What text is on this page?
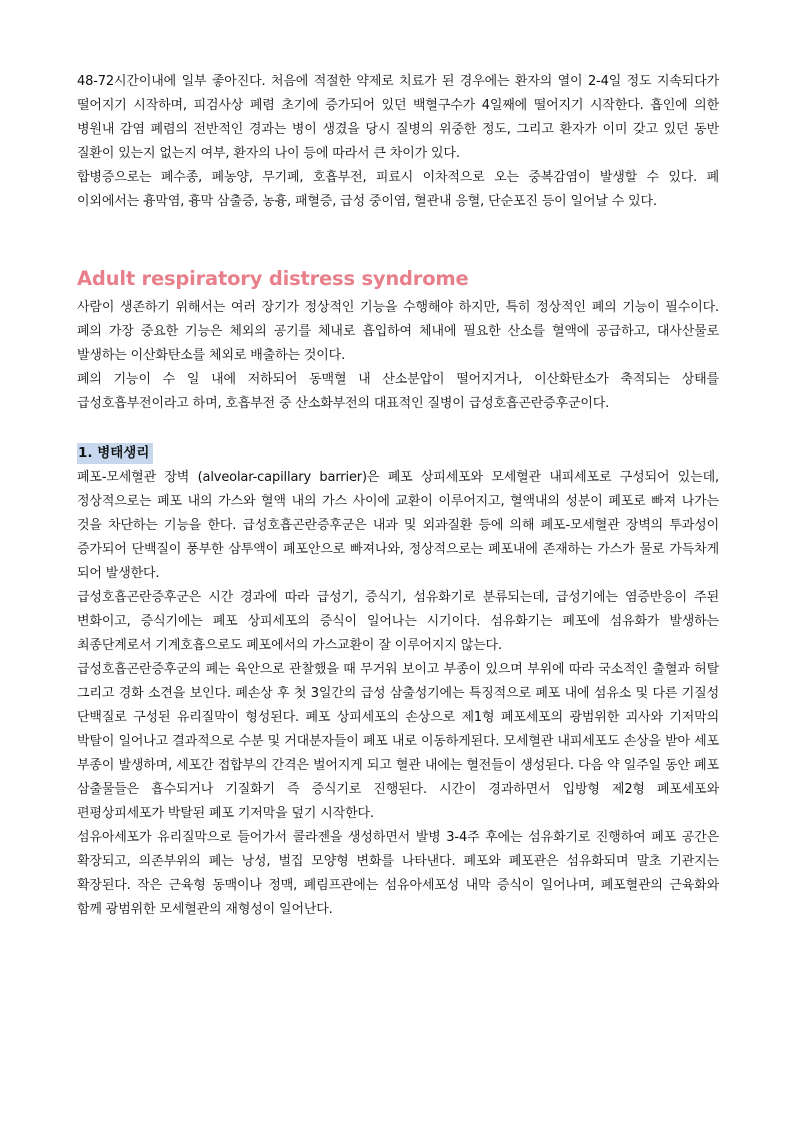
48-72시간이내에 일부 좋아진다. 처음에 적절한 약제로 치료가 된 경우에는 환자의 열이 2-4일 정도 지속되다가 떨어지기 시작하며, 피검사상 폐렴 초기에 증가되어 있던 백혈구수가 4일째에 떨어지기 시작한다. 흡인에 의한 병원내 감염 폐렴의 전반적인 경과는 병이 생겼을 당시 질병의 위중한 정도, 그리고 환자가 이미 갖고 있던 동반 질환이 있는지 없는지 여부, 환자의 나이 등에 따라서 큰 차이가 있다.

합병증으로는 폐수종, 폐농양, 무기폐, 호흡부전, 피료시 이차적으로 오는 중복감염이 발생할 수 있다. 폐 이외에서는 흉막염, 흉막 삼출증, 농흉, 패혈증, 급성 중이염, 혈관내 응혈, 단순포진 등이 일어날 수 있다.

Adult respiratory distress syndrome

사람이 생존하기 위해서는 여러 장기가 정상적인 기능을 수행해야 하지만, 특히 정상적인 폐의 기능이 필수이다. 폐의 가장 중요한 기능은 체외의 공기를 체내로 흡입하여 체내에 필요한 산소를 혈액에 공급하고, 대사산물로 발생하는 이산화탄소를 체외로 배출하는 것이다.

폐의 기능이 수 일 내에 저하되어 동맥혈 내 산소분압이 떨어지거나, 이산화탄소가 축적되는 상태를 급성호흡부전이라고 하며, 호흡부전 중 산소화부전의 대표적인 질병이 급성호흡곤란증후군이다.

1. 병태생리

폐포-모세혈관 장벽 (alveolar-capillary barrier)은 폐포 상피세포와 모세혈관 내피세포로 구성되어 있는데, 정상적으로는 폐포 내의 가스와 혈액 내의 가스 사이에 교환이 이루어지고, 혈액내의 성분이 폐포로 빠져 나가는 것을 차단하는 기능을 한다. 급성호흡곤란증후군은 내과 및 외과질환 등에 의해 폐포-모세혈관 장벽의 투과성이 증가되어 단백질이 풍부한 삼투액이 폐포안으로 빠져나와, 정상적으로는 폐포내에 존재하는 가스가 물로 가득차게 되어 발생한다.

급성호흡곤란증후군은 시간 경과에 따라 급성기, 증식기, 섬유화기로 분류되는데, 급성기에는 염증반응이 주된 변화이고, 증식기에는 폐포 상피세포의 증식이 일어나는 시기이다. 섬유화기는 폐포에 섬유화가 발생하는 최종단계로서 기계호흡으로도 폐포에서의 가스교환이 잘 이루어지지 않는다.

급성호흡곤란증후군의 폐는 육안으로 관찰했을 때 무거워 보이고 부종이 있으며 부위에 따라 국소적인 출혈과 허탈 그리고 경화 소견을 보인다. 폐손상 후 첫 3일간의 급성 삼출성기에는 특징적으로 폐포 내에 섬유소 및 다른 기질성 단백질로 구성된 유리질막이 형성된다. 폐포 상피세포의 손상으로 제1형 폐포세포의 광범위한 괴사와 기저막의 박탈이 일어나고 결과적으로 수분 및 거대분자들이 폐포 내로 이동하게된다. 모세혈관 내피세포도 손상을 받아 세포 부종이 발생하며, 세포간 접합부의 간격은 벌어지게 되고 혈관 내에는 혈전들이 생성된다. 다음 약 일주일 동안 폐포 삼출물들은 흡수되거나 기질화기 즉 증식기로 진행된다. 시간이 경과하면서 입방형 제2형 폐포세포와 편평상피세포가 박탈된 폐포 기저막을 덮기 시작한다.

섬유아세포가 유리질막으로 들어가서 콜라젠을 생성하면서 발병 3-4주 후에는 섬유화기로 진행하여 폐포 공간은 확장되고, 의존부위의 폐는 낭성, 벌집 모양형 변화를 나타낸다. 폐포와 폐포관은 섬유화되며 말초 기관지는 확장된다. 작은 근육형 동맥이나 정맥, 폐림프관에는 섬유아세포성 내막 증식이 일어나며, 폐포혈관의 근육화와 함께 광범위한 모세혈관의 재형성이 일어난다.
